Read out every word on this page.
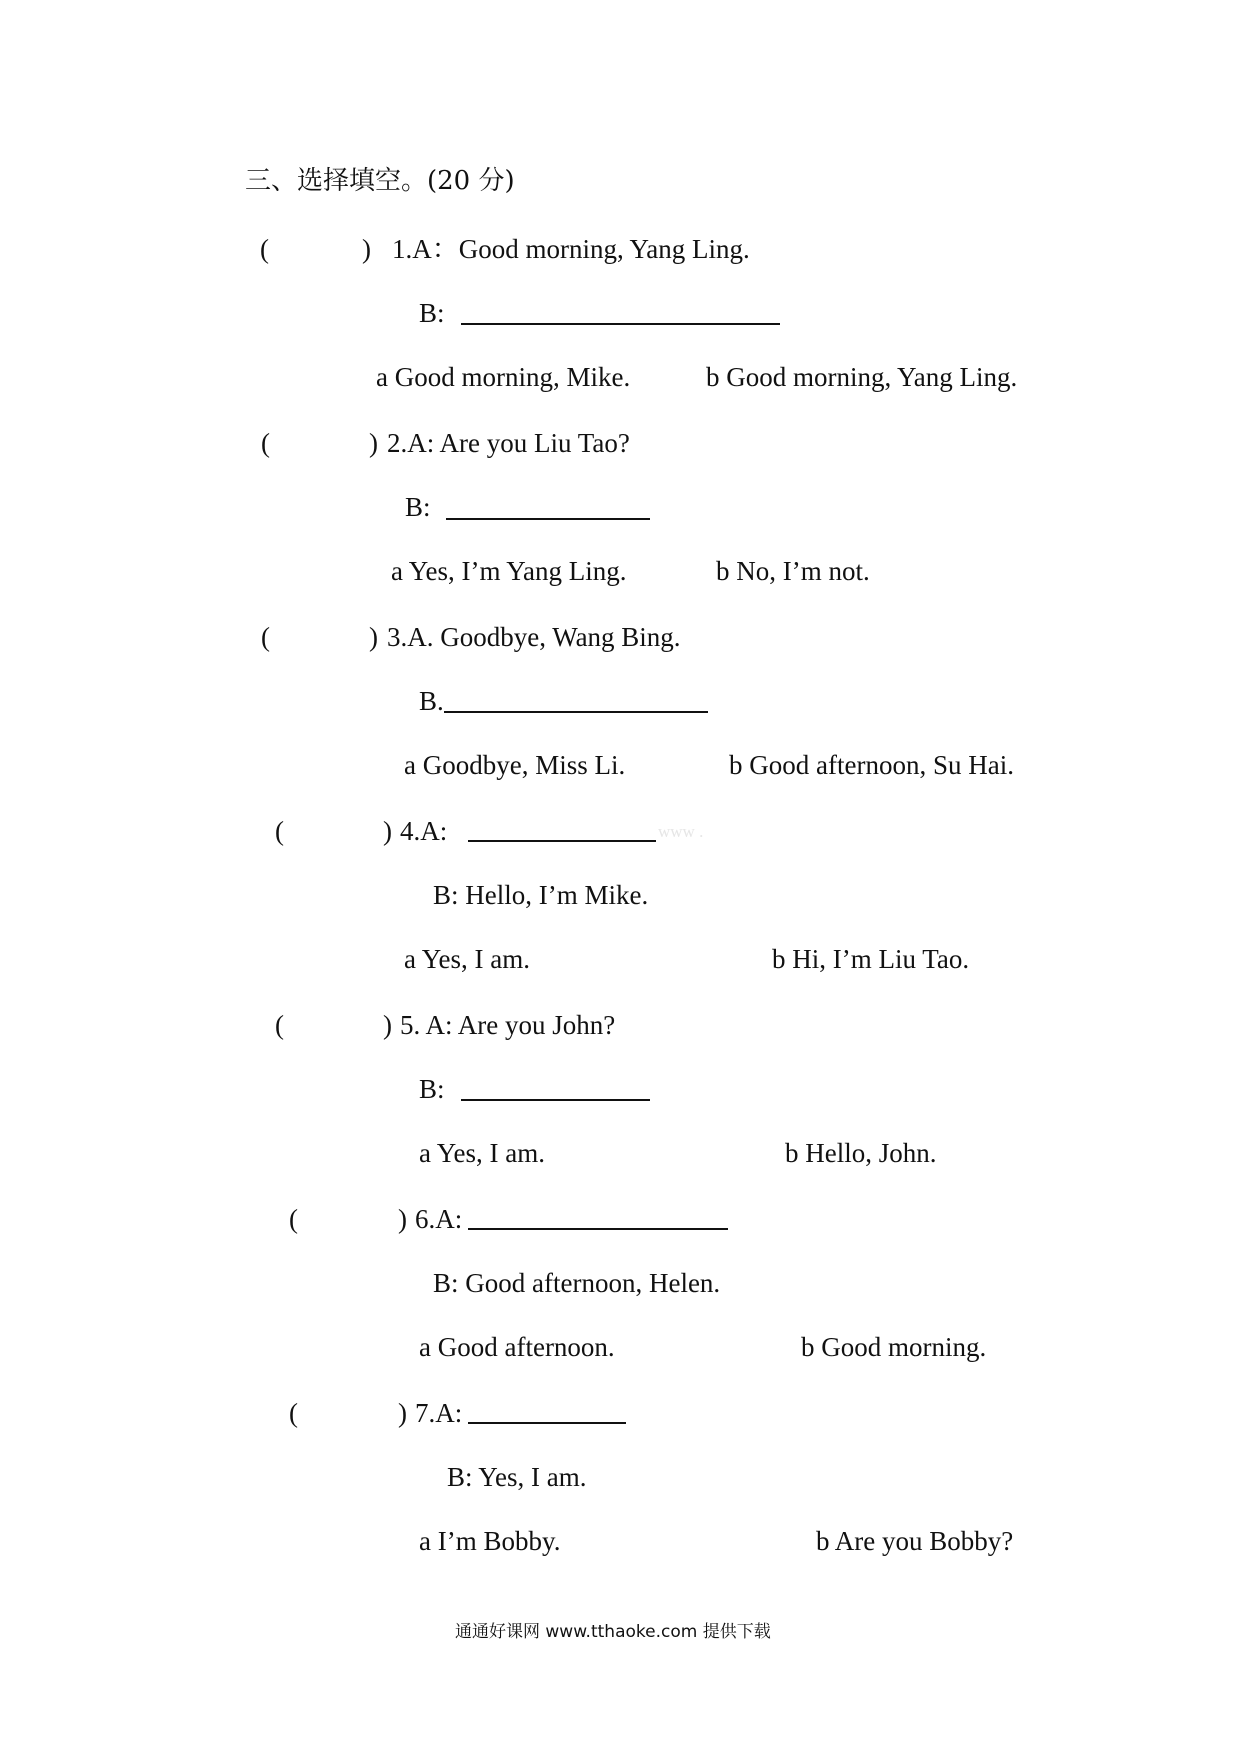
三、选择填空。(20 分)
(	) 1.A：Good morning, Yang Ling.
B:
a Good morning, Mike.	b Good morning, Yang Ling.
(	) 2.A: Are you Liu Tao?
B:
a Yes, I’m Yang Ling.	b No, I’m not.
(	) 3.A. Goodbye, Wang Bing.
B.
a Goodbye, Miss Li.	b Good afternoon, Su Hai.
(	) 4.A:	www .
B: Hello, I’m Mike.
a Yes, I am.	b Hi, I’m Liu Tao.
(	) 5. A: Are you John?
B:
a Yes, I am.	b Hello, John.
(	) 6.A:
B: Good afternoon, Helen.
a Good afternoon.	b Good morning.
(	) 7.A:
B: Yes, I am.
a I’m Bobby.	b Are you Bobby?
通通好课网 www.tthaoke.com 提供下载
